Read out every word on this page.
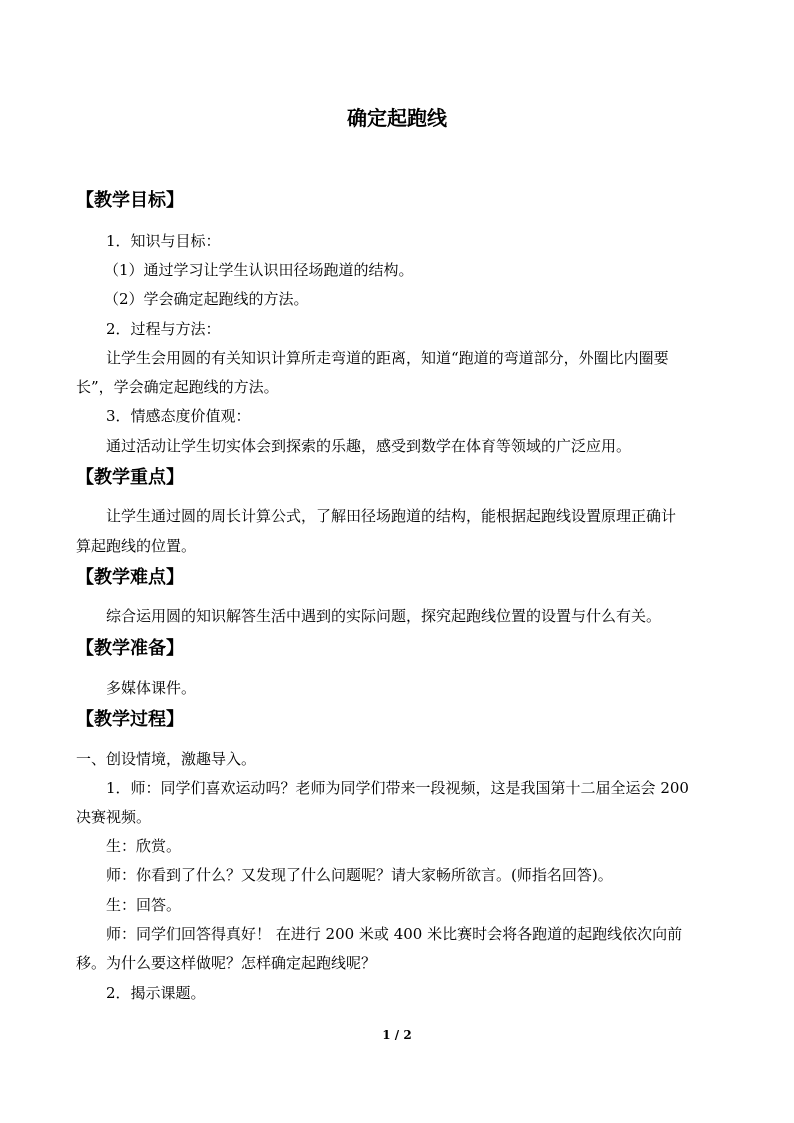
确定起跑线
【教学目标】
1．知识与目标：
（1）通过学习让学生认识田径场跑道的结构。
（2）学会确定起跑线的方法。
2．过程与方法：
让学生会用圆的有关知识计算所走弯道的距离，知道“跑道的弯道部分，外圈比内圈要
长”，学会确定起跑线的方法。
3．情感态度价值观：
通过活动让学生切实体会到探索的乐趣，感受到数学在体育等领域的广泛应用。
【教学重点】
让学生通过圆的周长计算公式，了解田径场跑道的结构，能根据起跑线设置原理正确计
算起跑线的位置。
【教学难点】
综合运用圆的知识解答生活中遇到的实际问题，探究起跑线位置的设置与什么有关。
【教学准备】
多媒体课件。
【教学过程】
一、创设情境，激趣导入。
1．师：同学们喜欢运动吗？老师为同学们带来一段视频，这是我国第十二届全运会 200
决赛视频。
生：欣赏。
师：你看到了什么？又发现了什么问题呢？请大家畅所欲言。(师指名回答)。
生：回答。
师：同学们回答得真好！ 在进行 200 米或 400 米比赛时会将各跑道的起跑线依次向前
移。为什么要这样做呢？怎样确定起跑线呢？
2．揭示课题。
1 / 2
